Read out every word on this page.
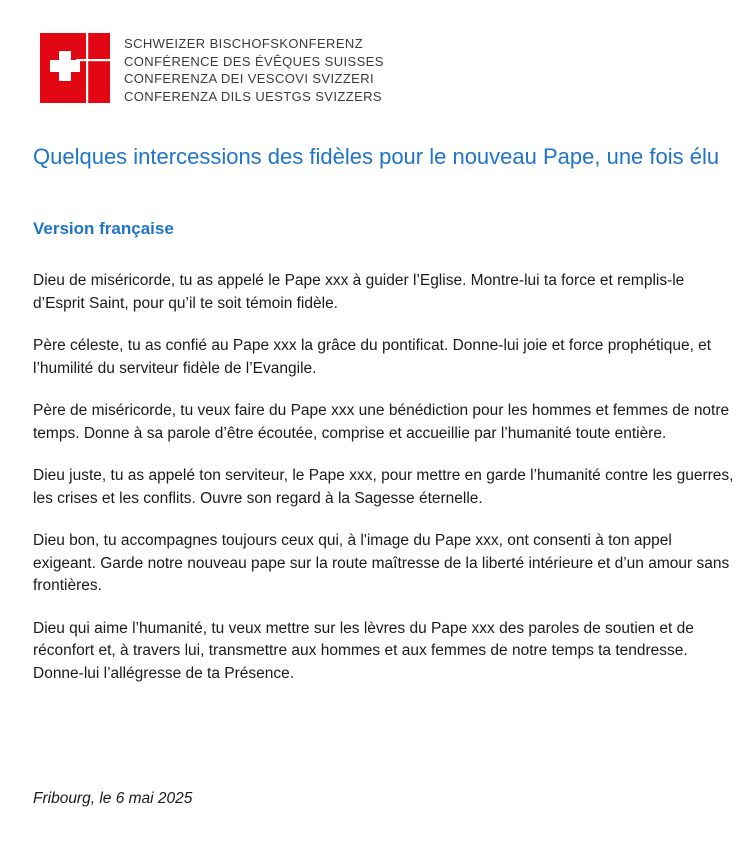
SCHWEIZER BISCHOFSKONFERENZ
CONFÉRENCE DES ÉVÊQUES SUISSES
CONFERENZA DEI VESCOVI SVIZZERI
CONFERENZA DILS UESTGS SVIZZERS
Quelques intercessions des fidèles pour le nouveau Pape, une fois élu
Version française

Dieu de miséricorde, tu as appelé le Pape xxx à guider l’Eglise. Montre-lui ta force et remplis-le d’Esprit Saint, pour qu’il te soit témoin fidèle.

Père céleste, tu as confié au Pape xxx la grâce du pontificat. Donne-lui joie et force prophétique, et l’humilité du serviteur fidèle de l’Evangile.

Père de miséricorde, tu veux faire du Pape xxx une bénédiction pour les hommes et femmes de notre temps. Donne à sa parole d’être écoutée, comprise et accueillie par l’humanité toute entière.

Dieu juste, tu as appelé ton serviteur, le Pape xxx, pour mettre en garde l’humanité contre les guerres, les crises et les conflits. Ouvre son regard à la Sagesse éternelle.

Dieu bon, tu accompagnes toujours ceux qui, à l'image du Pape xxx, ont consenti à ton appel exigeant. Garde notre nouveau pape sur la route maîtresse de la liberté intérieure et d’un amour sans frontières.

Dieu qui aime l’humanité, tu veux mettre sur les lèvres du Pape xxx des paroles de soutien et de réconfort et, à travers lui, transmettre aux hommes et aux femmes de notre temps ta tendresse. Donne-lui l’allégresse de ta Présence.

Fribourg, le 6 mai 2025
